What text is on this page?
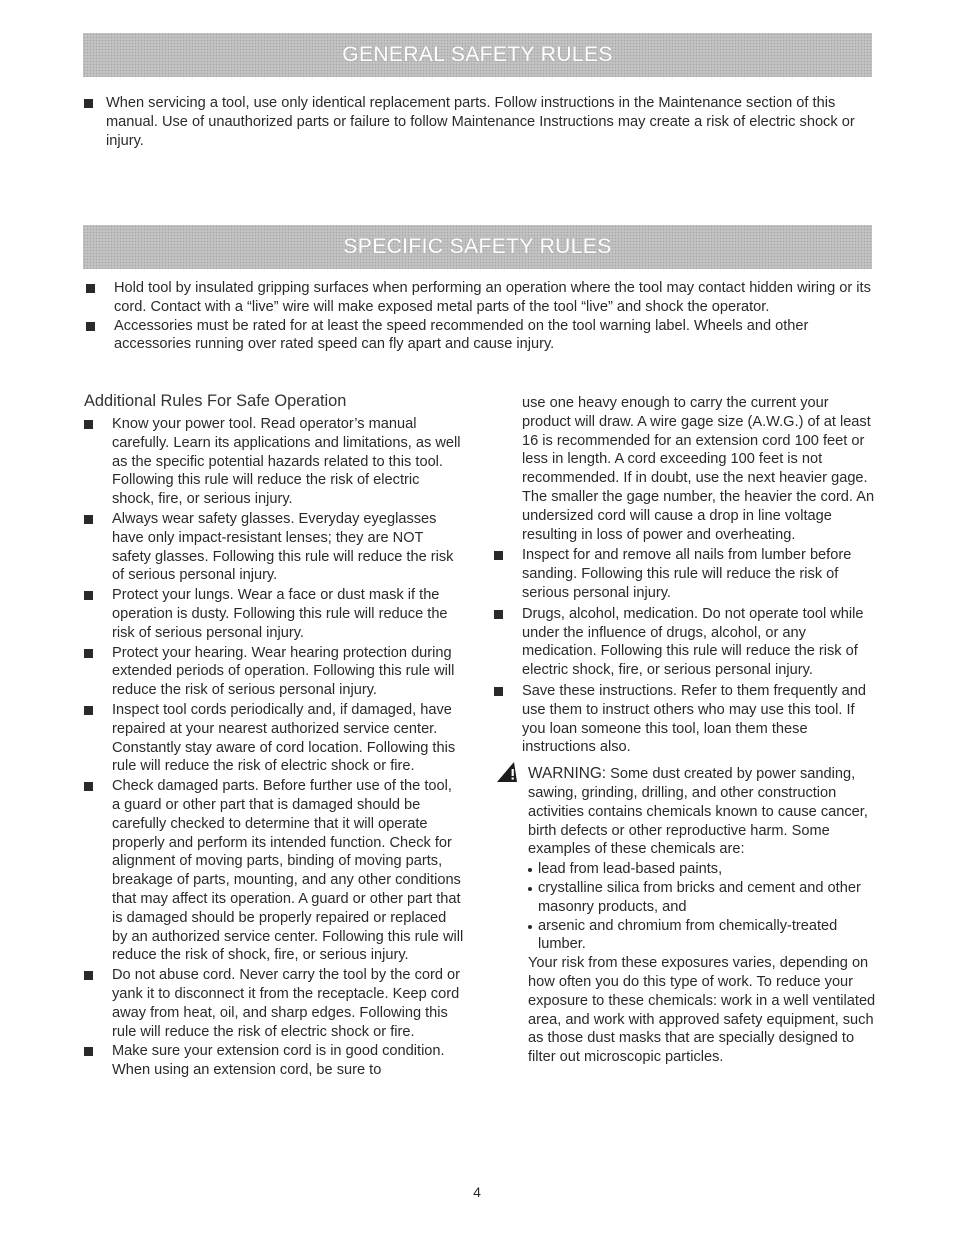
GENERAL SAFETY RULES
When servicing a tool, use only identical replacement parts. Follow instructions in the Maintenance section of this manual. Use of unauthorized parts or failure to follow Maintenance Instructions may create a risk of electric shock or injury.
SPECIFIC SAFETY RULES
Hold tool by insulated gripping surfaces when performing an operation where the tool may contact hidden wiring or its cord. Contact with a “live” wire will make exposed metal parts of the tool “live” and shock the operator.
Accessories must be rated for at least the speed recommended on the tool warning label. Wheels and other accessories running over rated speed can fly apart and cause injury.
Additional Rules For Safe Operation
Know your power tool. Read operator’s manual carefully. Learn its applications and limitations, as well as the specific potential hazards related to this tool. Following this rule will reduce the risk of electric shock, fire, or serious injury.
Always wear safety glasses. Everyday eyeglasses have only impact-resistant lenses; they are NOT safety glasses. Following this rule will reduce the risk of serious personal injury.
Protect your lungs. Wear a face or dust mask if the operation is dusty. Following this rule will reduce the risk of serious personal injury.
Protect your hearing. Wear hearing protection during extended periods of operation. Following this rule will reduce the risk of serious personal injury.
Inspect tool cords periodically and, if damaged, have repaired at your nearest authorized service center. Constantly stay aware of cord location. Following this rule will reduce the risk of electric shock or fire.
Check damaged parts. Before further use of the tool, a guard or other part that is damaged should be carefully checked to determine that it will operate properly and perform its intended function. Check for alignment of moving parts, binding of moving parts, breakage of parts, mounting, and any other conditions that may affect its operation. A guard or other part that is damaged should be properly repaired or replaced by an authorized service center. Following this rule will reduce the risk of shock, fire, or serious injury.
Do not abuse cord. Never carry the tool by the cord or yank it to disconnect it from the receptacle. Keep cord away from heat, oil, and sharp edges. Following this rule will reduce the risk of electric shock or fire.
Make sure your extension cord is in good condition. When using an extension cord, be sure to
use one heavy enough to carry the current your product will draw. A wire gage size (A.W.G.) of at least 16 is recommended for an extension cord 100 feet or less in length. A cord exceeding 100 feet is not recommended. If in doubt, use the next heavier gage. The smaller the gage number, the heavier the cord. An undersized cord will cause a drop in line voltage resulting in loss of power and overheating.
Inspect for and remove all nails from lumber before sanding. Following this rule will reduce the risk of serious personal injury.
Drugs, alcohol, medication. Do not operate tool while under the influence of drugs, alcohol, or any medication. Following this rule will reduce the risk of electric shock, fire, or serious personal injury.
Save these instructions. Refer to them frequently and use them to instruct others who may use this tool. If you loan someone this tool, loan them these instructions also.
WARNING: Some dust created by power sanding, sawing, grinding, drilling, and other construction activities contains chemicals known to cause cancer, birth defects or other reproductive harm. Some examples of these chemicals are:
lead from lead-based paints,
crystalline silica from bricks and cement and other masonry products, and
arsenic and chromium from chemically-treated lumber.
Your risk from these exposures varies, depending on how often you do this type of work. To reduce your exposure to these chemicals: work in a well ventilated area, and work with approved safety equipment, such as those dust masks that are specially designed to filter out microscopic particles.
4
